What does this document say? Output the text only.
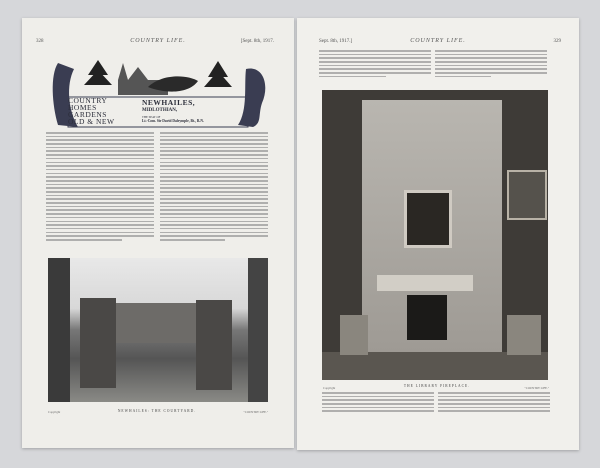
328	COUNTRY LIFE.	[Sept. 8th, 1917.
COUNTRY
HOMES
GARDENS
OLD & NEW
NEWHAILES,
MIDLOTHIAN,
THE SEAT OF
Lt.-Com. Sir David Dalrymple, Bt., R.N.
Copyright	NEWHAILES: THE COURTYARD.	"COUNTRY LIFE."
Sept. 8th, 1917.]	COUNTRY LIFE.	329
Copyright	THE LIBRARY FIREPLACE.	"COUNTRY LIFE."
